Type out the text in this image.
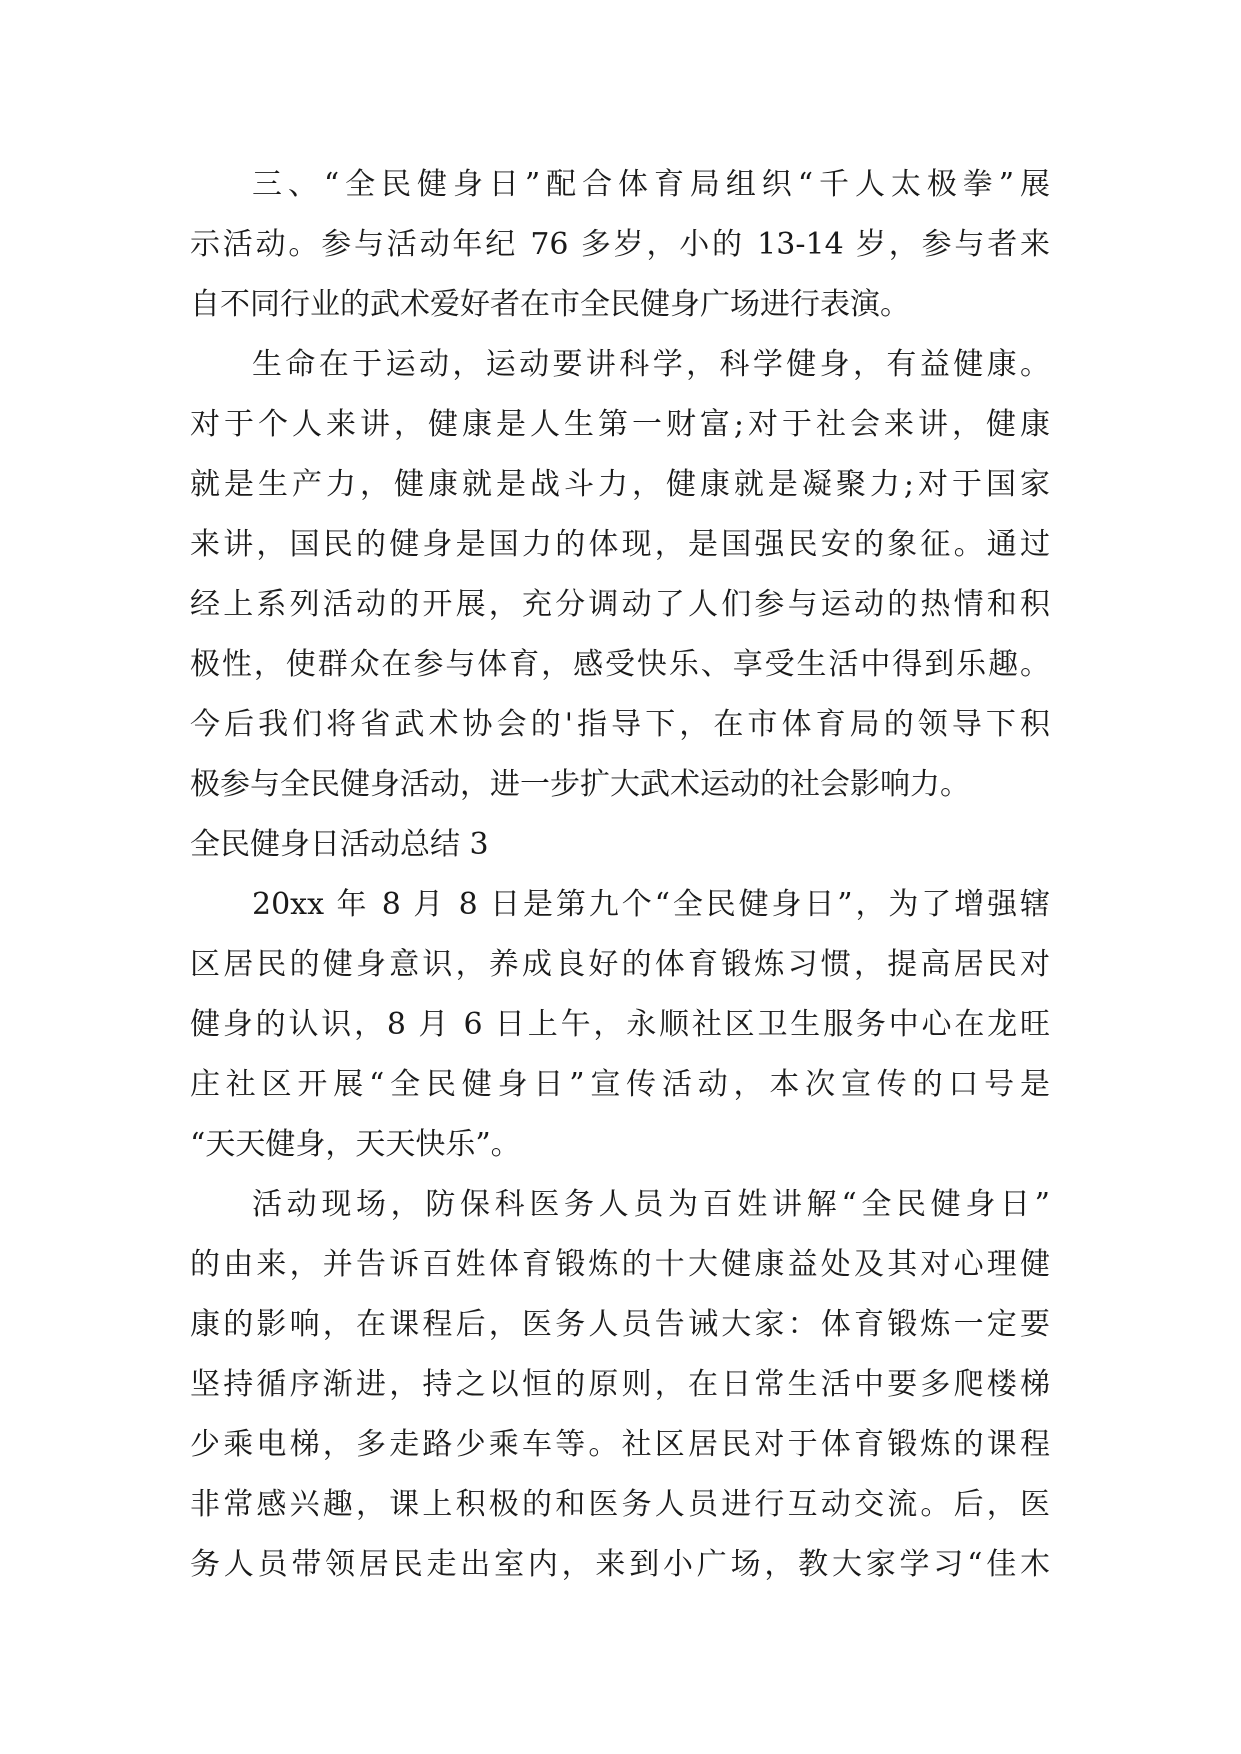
三、“全民健身日”配合体育局组织“千人太极拳”展
示活动。参与活动年纪 76 多岁，小的 13-14 岁，参与者来
自不同行业的武术爱好者在市全民健身广场进行表演。
生命在于运动，运动要讲科学，科学健身，有益健康。
对于个人来讲，健康是人生第一财富;对于社会来讲，健康
就是生产力，健康就是战斗力，健康就是凝聚力;对于国家
来讲，国民的健身是国力的体现，是国强民安的象征。通过
经上系列活动的开展，充分调动了人们参与运动的热情和积
极性，使群众在参与体育，感受快乐、享受生活中得到乐趣。
今后我们将省武术协会的'指导下，在市体育局的领导下积
极参与全民健身活动，进一步扩大武术运动的社会影响力。
全民健身日活动总结 3
20xx 年 8 月 8 日是第九个“全民健身日”，为了增强辖
区居民的健身意识，养成良好的体育锻炼习惯，提高居民对
健身的认识，8 月 6 日上午，永顺社区卫生服务中心在龙旺
庄社区开展“全民健身日”宣传活动，本次宣传的口号是
“天天健身，天天快乐”。
活动现场，防保科医务人员为百姓讲解“全民健身日”
的由来，并告诉百姓体育锻炼的十大健康益处及其对心理健
康的影响，在课程后，医务人员告诫大家：体育锻炼一定要
坚持循序渐进，持之以恒的原则，在日常生活中要多爬楼梯
少乘电梯，多走路少乘车等。社区居民对于体育锻炼的课程
非常感兴趣，课上积极的和医务人员进行互动交流。后，医
务人员带领居民走出室内，来到小广场，教大家学习“佳木
